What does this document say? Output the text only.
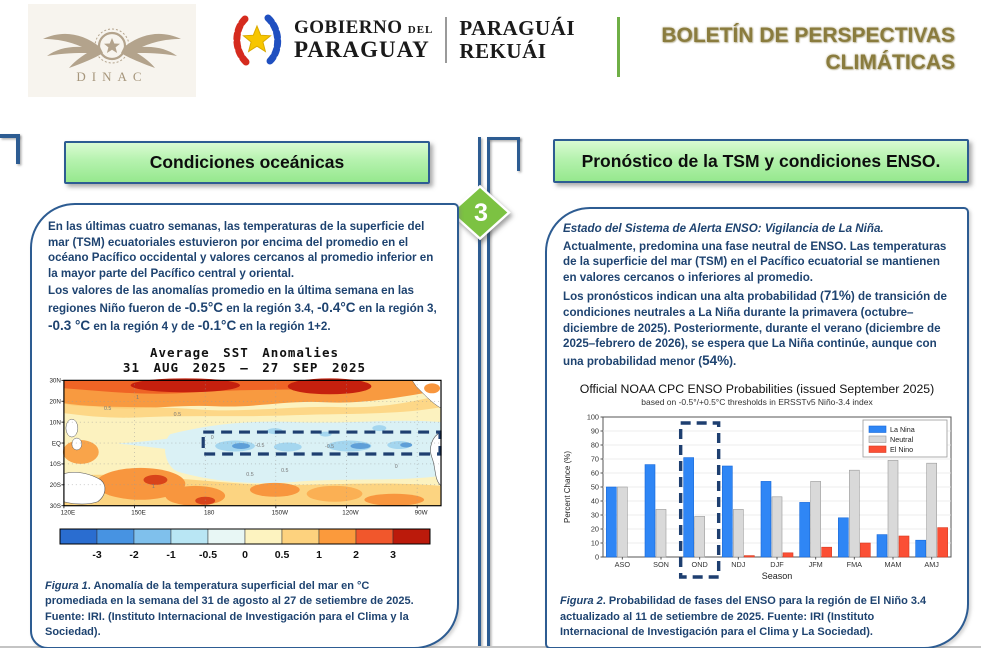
DINAC
GOBIERNO DEL
PARAGUAY
PARAGUÁI
REKUÁI
BOLETÍN DE PERSPECTIVAS
CLIMÁTICAS
Condiciones oceánicas	Pronóstico de la TSM y condiciones ENSO.
3
En las últimas cuatro semanas, las temperaturas de la superficie del mar (TSM) ecuatoriales estuvieron por encima del promedio en el océano Pacífico occidental y valores cercanos al promedio inferior en la mayor parte del Pacífico central y oriental.
Los valores de las anomalías promedio en la última semana en las regiones Niño fueron de -0.5°C en la región 3.4, -0.4°C en la región 3, -0.3 °C en la región 4 y de -0.1°C en la región 1+2.
Average SST Anomalies
31 AUG 2025 – 27 SEP 2025
30N
20N
10N
EQ
10S
20S
30S
120E	150E	180	150W	120W	90W
0.5
1
0.5
0
-0.5	-0.5
0.5
1
0.5
0

-3	-2	-1 -0.5 0	0.5	1	2	3
Figura 1. Anomalía de la temperatura superficial del mar en °C promediada en la semana del 31 de agosto al 27 de setiembre de 2025. Fuente: IRI. (Instituto Internacional de Investigación para el Clima y la Sociedad).
Estado del Sistema de Alerta ENSO: Vigilancia de La Niña.
Actualmente, predomina una fase neutral de ENSO. Las temperaturas de la superficie del mar (TSM) en el Pacífico ecuatorial se mantienen en valores cercanos o inferiores al promedio.
Los pronósticos indican una alta probabilidad (71%) de transición de condiciones neutrales a La Niña durante la primavera (octubre–diciembre de 2025). Posteriormente, durante el verano (diciembre de 2025–febrero de 2026), se espera que La Niña continúe, aunque con una probabilidad menor (54%).
Official NOAA CPC ENSO Probabilities (issued September 2025)
based on -0.5°/+0.5°C thresholds in ERSSTv5 Niño-3.4 index
0
10
20
30
40
50
60
70
80
90
100
ASO	SON	OND	NDJ	DJF	JFM	FMA	MAM	AMJ
Season
Percent Chance (%)
La Nina
Neutral
El Nino
Figura 2. Probabilidad de fases del ENSO para la región de El Niño 3.4 actualizado al 11 de setiembre de 2025. Fuente: IRI (Instituto Internacional de Investigación para el Clima y La Sociedad).
